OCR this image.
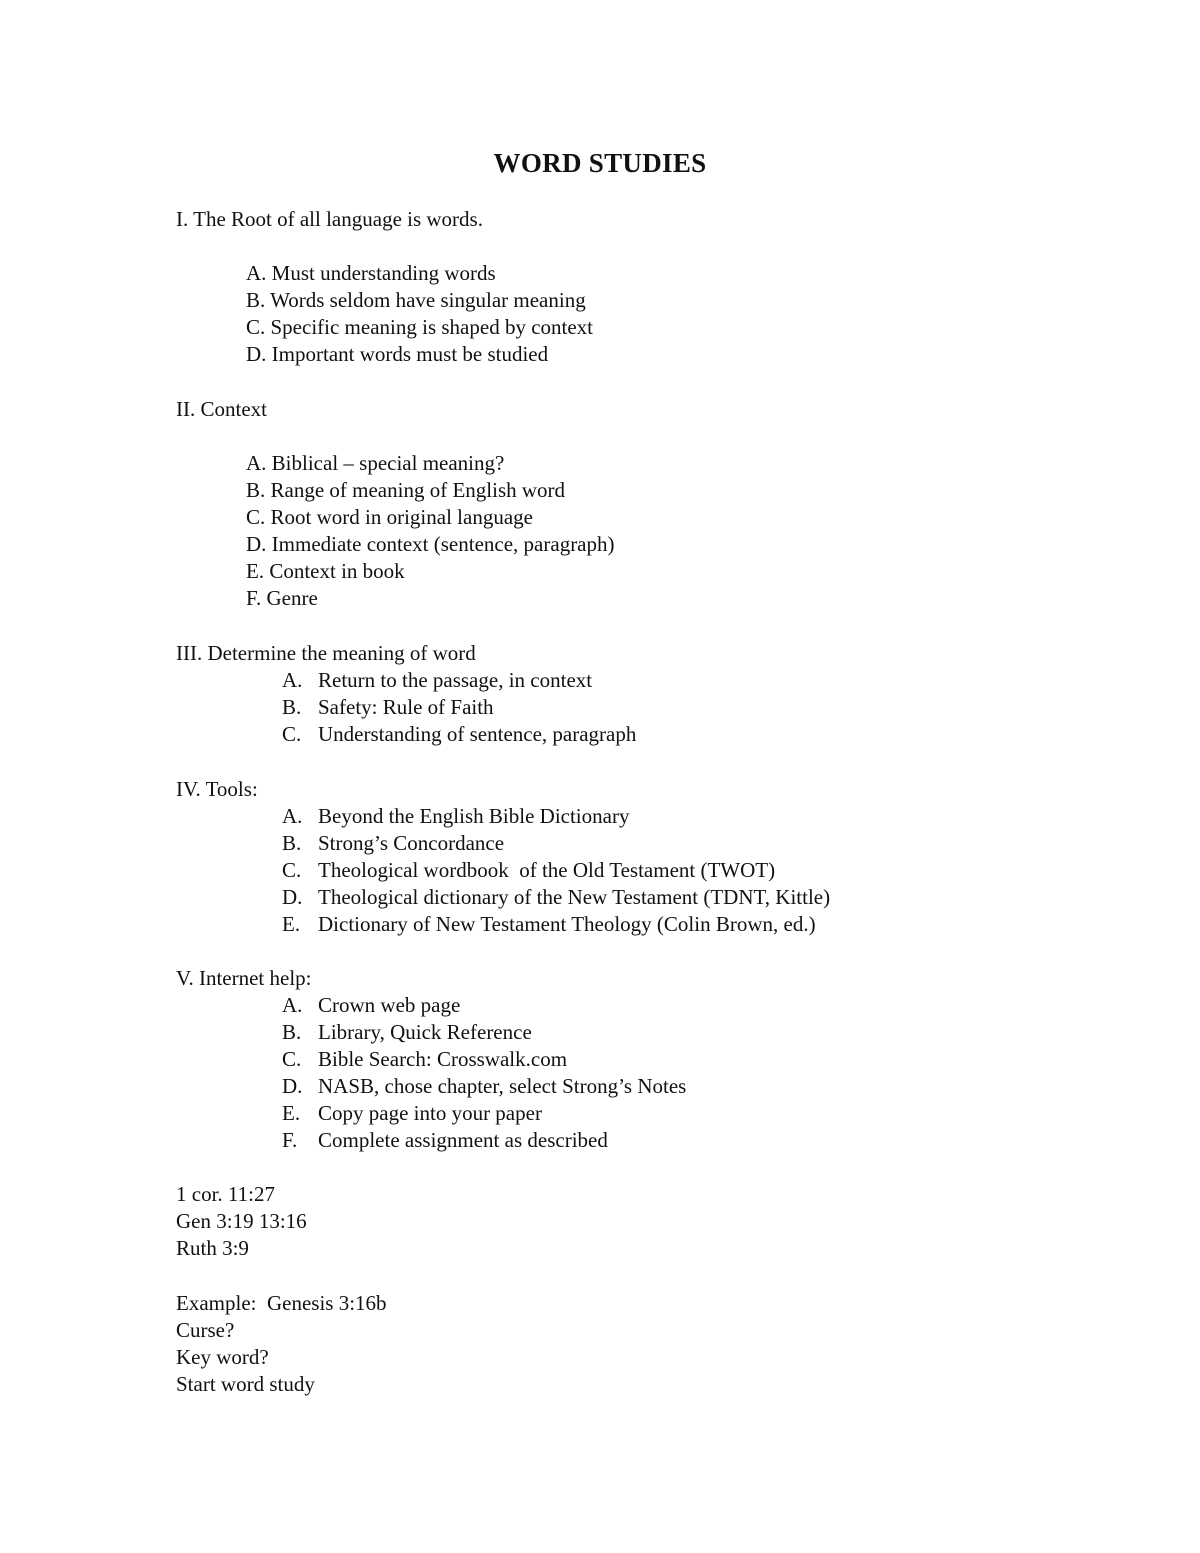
WORD STUDIES

I. The Root of all language is words.

A. Must understanding words

B. Words seldom have singular meaning

C. Specific meaning is shaped by context

D. Important words must be studied

II. Context

A. Biblical – special meaning?

B. Range of meaning of English word

C. Root word in original language

D. Immediate context (sentence, paragraph)

E. Context in book

F. Genre

III. Determine the meaning of word

A. Return to the passage, in context

B. Safety: Rule of Faith

C. Understanding of sentence, paragraph

IV. Tools:

A. Beyond the English Bible Dictionary

B. Strong’s Concordance

C. Theological wordbook  of the Old Testament (TWOT)

D. Theological dictionary of the New Testament (TDNT, Kittle)

E. Dictionary of New Testament Theology (Colin Brown, ed.)

V. Internet help:

A. Crown web page

B. Library, Quick Reference

C. Bible Search: Crosswalk.com

D. NASB, chose chapter, select Strong’s Notes

E. Copy page into your paper

F. Complete assignment as described

1 cor. 11:27

Gen 3:19 13:16

Ruth 3:9

Example:  Genesis 3:16b

Curse?

Key word?

Start word study
